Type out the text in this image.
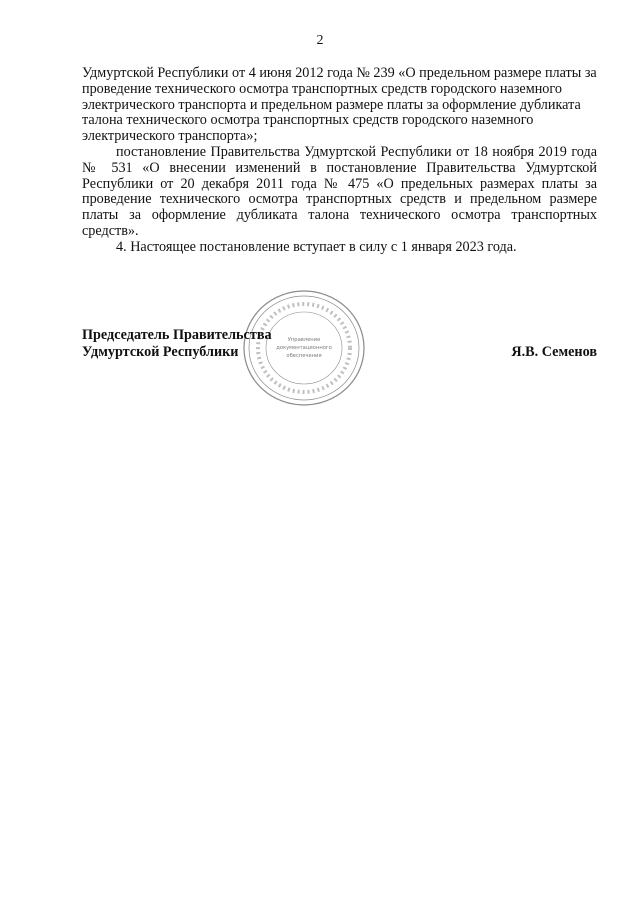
2

Удмуртской Республики от 4 июня 2012 года № 239 «О предельном размере платы за проведение технического осмотра транспортных средств городского наземного электрического транспорта и предельном размере платы за оформление дубликата талона технического осмотра транспортных средств городского наземного электрического транспорта»;

постановление Правительства Удмуртской Республики от 18 ноября 2019 года № 531 «О внесении изменений в постановление Правительства Удмуртской Республики от 20 декабря 2011 года № 475 «О предельных размерах платы за проведение технического осмотра транспортных средств и предельном размере платы за оформление дубликата талона технического осмотра транспортных средств».

4. Настоящее постановление вступает в силу с 1 января 2023 года.

Управление
документационного
обеспечения
Председатель Правительства
Удмуртской Республики	Я.В. Семенов
